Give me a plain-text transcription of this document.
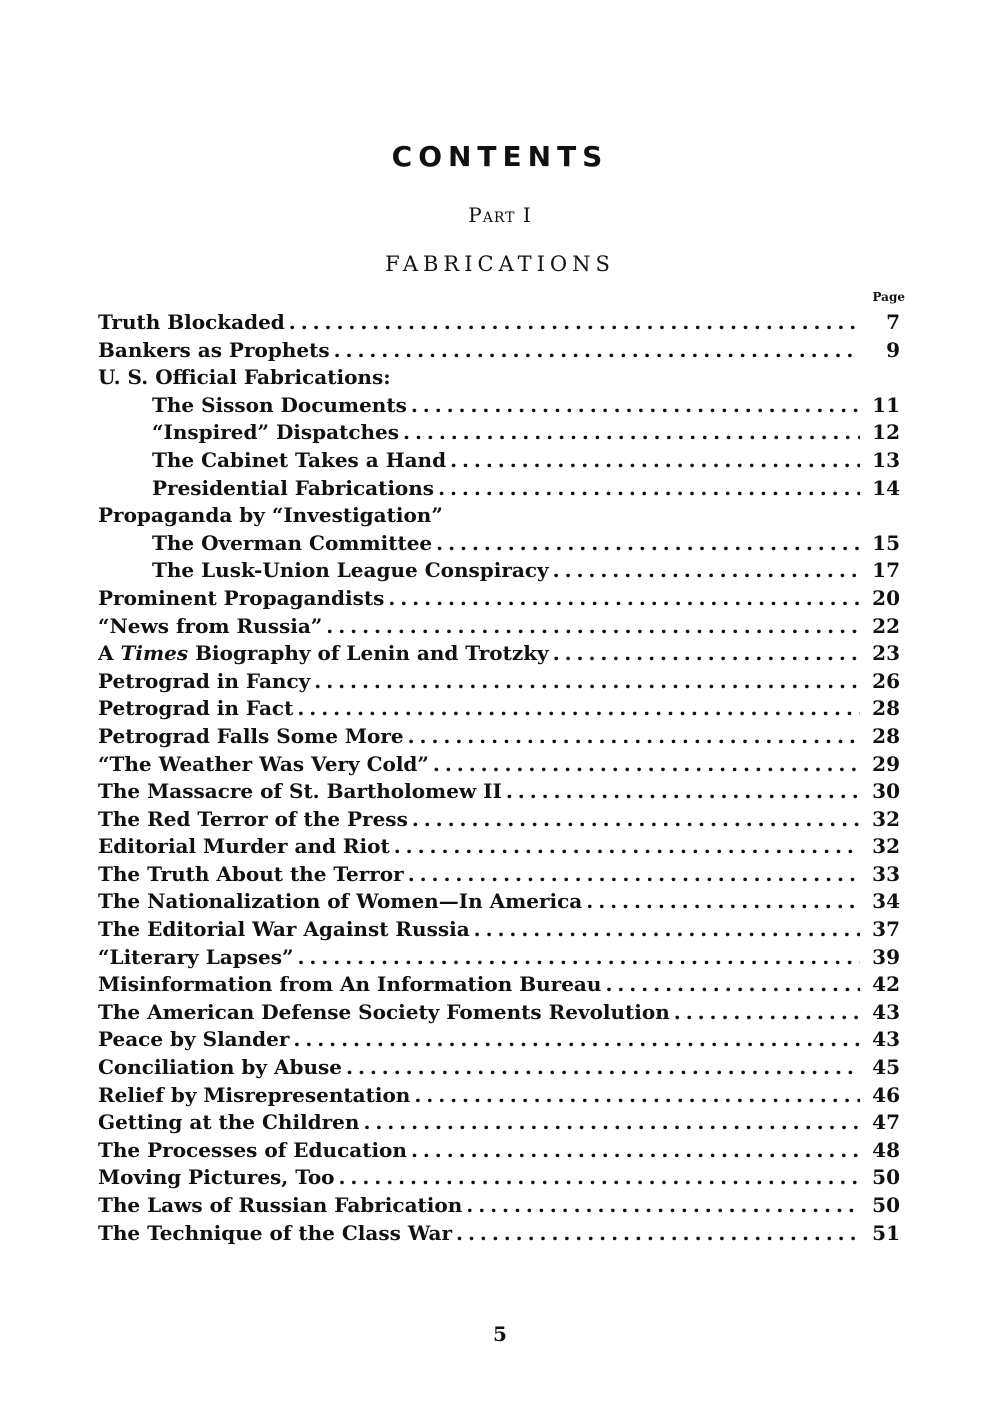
CONTENTS
Part I
FABRICATIONS
Page
Truth Blockaded . . .	7
Bankers as Prophets . . .	9
U. S. Official Fabrications:
The Sisson Documents . . .	11
“Inspired” Dispatches . . .	12
The Cabinet Takes a Hand . . .	13
Presidential Fabrications . . .	14
Propaganda by “Investigation”
The Overman Committee . . .	15
The Lusk-Union League Conspiracy . . .	17
Prominent Propagandists . . .	20
“News from Russia” . . .	22
A Times Biography of Lenin and Trotzky . . .	23
Petrograd in Fancy . . .	26
Petrograd in Fact . . .	28
Petrograd Falls Some More . . .	28
“The Weather Was Very Cold” . . .	29
The Massacre of St. Bartholomew II . . .	30
The Red Terror of the Press . . .	32
Editorial Murder and Riot . . .	32
The Truth About the Terror . . .	33
The Nationalization of Women—In America . . .	34
The Editorial War Against Russia . . .	37
“Literary Lapses” . . .	39
Misinformation from An Information Bureau . . .	42
The American Defense Society Foments Revolution . . .	43
Peace by Slander . . .	43
Conciliation by Abuse . . .	45
Relief by Misrepresentation . . .	46
Getting at the Children . . .	47
The Processes of Education . . .	48
Moving Pictures, Too . . .	50
The Laws of Russian Fabrication . . .	50
The Technique of the Class War . . .	51
5
